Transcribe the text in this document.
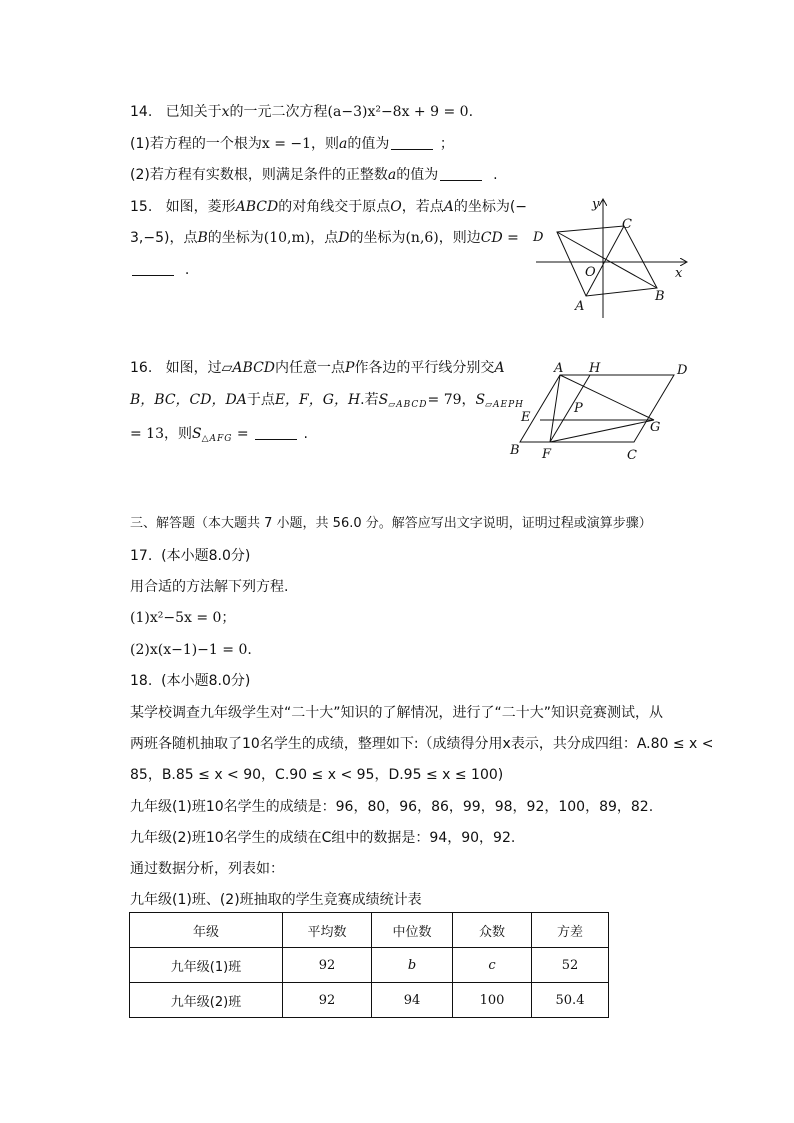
14. 已知关于x的一元二次方程(a−3)x²−8x + 9 = 0.
(1)若方程的一个根为x = −1，则a的值为	；
(2)若方程有实数根，则满足条件的正整数a的值为	.
15. 如图，菱形ABCD的对角线交于原点O，若点A的坐标为(−
3,−5)，点B的坐标为(10,m)，点D的坐标为(n,6)，则边CD =
.
y
x
C
D
O
A
B
16. 如图，过▱ABCD内任意一点P作各边的平行线分别交A
B，BC，CD，DA于点E，F，G，H.若$S_{▱ABCD}= 79$，$S_{▱AEPH}$
= 13，则$S_{\triangle AFG}$ =	.
A H	D
E
P
G
B F	C
三、解答题（本大题共 7 小题，共 56.0 分。解答应写出文字说明，证明过程或演算步骤）
17. (本小题8.0分)
用合适的方法解下列方程.
(1)x²−5x = 0；
(2)x(x−1)−1 = 0.
18. (本小题8.0分)
某学校调查九年级学生对“二十大”知识的了解情况，进行了“二十大”知识竞赛测试，从
两班各随机抽取了10名学生的成绩，整理如下:（成绩得分用x表示，共分成四组：A.80 ≤ x <
85，B.85 ≤ x < 90，C.90 ≤ x < 95，D.95 ≤ x ≤ 100)
九年级(1)班10名学生的成绩是：96，80，96，86，99，98，92，100，89，82.
九年级(2)班10名学生的成绩在C组中的数据是：94，90，92.
通过数据分析，列表如：
九年级(1)班、(2)班抽取的学生竞赛成绩统计表
年级	平均数	中位数	众数	方差
九年级(1)班	92	b	c	52
九年级(2)班	92	94	100	50.4
